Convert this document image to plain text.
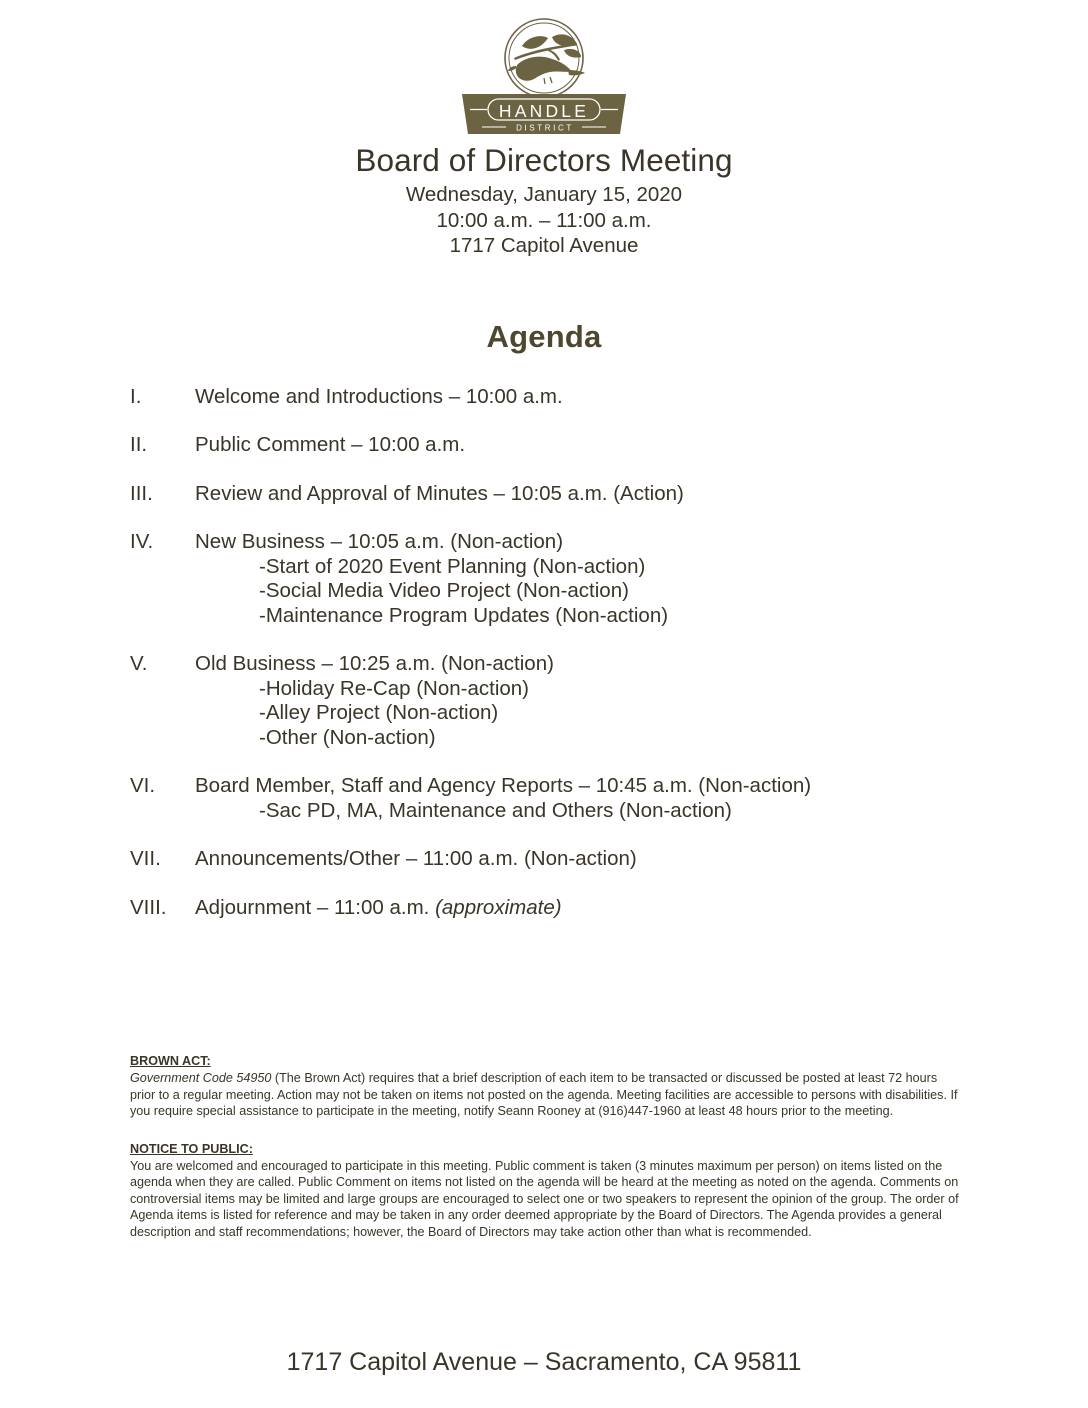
HANDLE
DISTRICT
Board of Directors Meeting
Wednesday, January 15, 2020
10:00 a.m. – 11:00 a.m.
1717 Capitol Avenue
Agenda
I.	Welcome and Introductions – 10:00 a.m.
II.	Public Comment – 10:00 a.m.
III.	Review and Approval of Minutes – 10:05 a.m. (Action)
IV.	New Business – 10:05 a.m. (Non-action)
-Start of 2020 Event Planning (Non-action)
-Social Media Video Project (Non-action)
-Maintenance Program Updates (Non-action)
V.	Old Business – 10:25 a.m. (Non-action)
-Holiday Re-Cap (Non-action)
-Alley Project (Non-action)
-Other (Non-action)
VI.	Board Member, Staff and Agency Reports – 10:45 a.m. (Non-action)
-Sac PD, MA, Maintenance and Others (Non-action)
VII.	Announcements/Other – 11:00 a.m. (Non-action)
VIII.	Adjournment – 11:00 a.m. (approximate)
BROWN ACT:

Government Code 54950 (The Brown Act) requires that a brief description of each item to be transacted or discussed be posted at least 72 hours prior to a regular meeting. Action may not be taken on items not posted on the agenda. Meeting facilities are accessible to persons with disabilities. If you require special assistance to participate in the meeting, notify Seann Rooney at (916)447-1960 at least 48 hours prior to the meeting.

NOTICE TO PUBLIC:

You are welcomed and encouraged to participate in this meeting. Public comment is taken (3 minutes maximum per person) on items listed on the agenda when they are called. Public Comment on items not listed on the agenda will be heard at the meeting as noted on the agenda. Comments on controversial items may be limited and large groups are encouraged to select one or two speakers to represent the opinion of the group. The order of Agenda items is listed for reference and may be taken in any order deemed appropriate by the Board of Directors. The Agenda provides a general description and staff recommendations; however, the Board of Directors may take action other than what is recommended.

1717 Capitol Avenue – Sacramento, CA 95811
